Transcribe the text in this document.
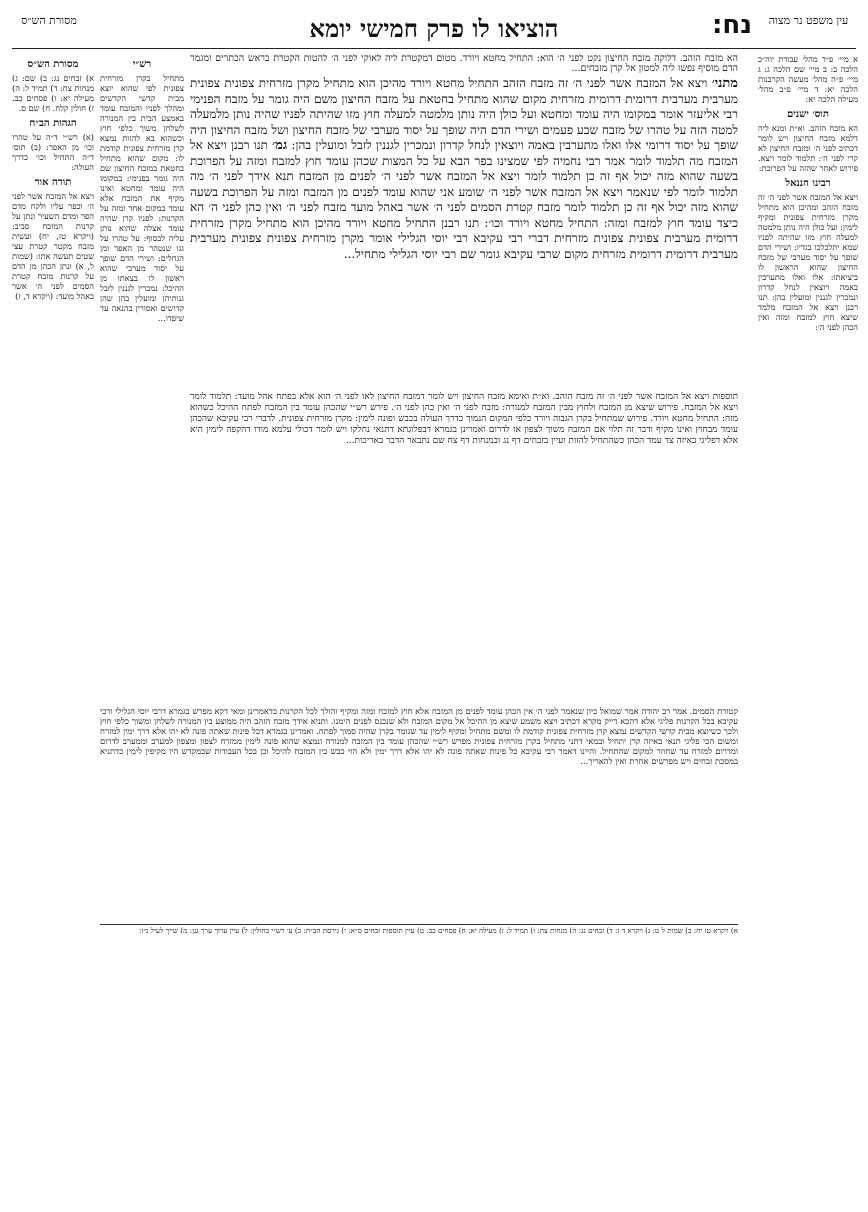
עין משפט נר מצוה
נח:
הוציאו לו פרק חמישי יומא
מסורת הש״ס
א מיי׳ פ״ד מהל׳ עבודת יוה״כ הלכה ב: ב מיי׳ שם הלכה ג: ג מיי׳ פ״ה מהל׳ מעשה הקרבנות הלכה יא: ד מיי׳ פ״ב מהל׳ מעילה הלכה יא:
תוס׳ ישנים
הא מזבח הזהב. וא״ת ומנא ליה דלמא מזבח החיצון ויש לומר דכתיב לפני ה׳ ומזבח החיצון לא קרי לפני ה׳: תלמוד לומר ויצא. פירוש לאחר שהזה על הפרוכת:
רבינו חננאל
ויצא אל המזבח אשר לפני ה׳ זה מזבח הזהב ומהיכן הוא מתחיל מקרן מזרחית צפונית ומקיף לימין: ועל כולן היה נותן מלמטה למעלה חוץ מזו שהיתה לפניו שמא יתלכלכו בגדיו: ושירי הדם שופך על יסוד מערבי של מזבח החיצון שהוא הראשון לו ביציאתו: אלו ואלו מתערבין באמה ויוצאין לנחל קדרון ונמכרין לגננין ומועלין בהן: תנו רבנן ויצא אל המזבח מלמד שיצא חוץ למזבח ומזה ואין הכהן לפני ה׳:
מסורת הש״ס
א) זבחים נג: ב) שם: ג) מנחות צח: ד) תמיד ל: ה) מעילה יא: ו) פסחים כב. ז) חולין קלח. ח) שם ס.
הגהות הב״ח
(א) רש״י ד״ה על טהרו וכו׳ מן האפר: (ב) תוס׳ ד״ה התחיל וכו׳ כדרך העולה:
תורה אור
ויצא אל המזבח אשר לפני ה׳ וכפר עליו ולקח מדם הפר ומדם השעיר ונתן על קרנות המזבח סביב: (ויקרא טז, יח) ועשית מזבח מקטר קטרת עצי שטים תעשה אתו: (שמות ל, א) ונתן הכהן מן הדם על קרנות מזבח קטרת הסמים לפני ה׳ אשר באהל מועד: (ויקרא ד, ז)
רש״י
מתחיל בקרן מזרחית צפונית לפי שהוא יוצא מבית קדשי הקדשים ומהלך לפניו והמזבח עומד באמצע הבית בין המנורה לשלחן משוך כלפי חוץ וכשהוא בא להזות נמצא קרן מזרחית צפונית קודמת לו: מקום שהוא מתחיל בחטאת במזבח החיצון שם היה גומר בפנימי: במקומו היה עומד ומחטא ואינו מקיף את המזבח אלא עומד במקום אחד ומזה על הקרנות: לפניו קרן שהיה עומד אצלה שהוא נותן עליה לבסוף: על טהרו על גגו שנטהר מן האפר ומן הגחלים: ושירי הדם שופך על יסוד מערבי שהוא ראשון לו בצאתו מן ההיכל: נמכרין לגננין לזבל גנותיהן ומועלין בהן שהן קדושים ואסורין בהנאה עד שיפדו...
הא מזבח הזהב. דלוקה מזבח החיצון נקט לפני ה׳ הוא: התחיל מחטא ויורד. מטום דמקטרת ליה לאוקי לפני ה׳ להטות הקטרת בראש הכתרים ומגמר הדם מוסיף נפשו ליה למטון אל קרן מזבחים...
מתני׳ ויצא אל המזבח אשר לפני ה׳ זה מזבח הזהב התחיל מחטא ויורד מהיכן הוא מתחיל מקרן מזרחית צפונית צפונית מערבית מערבית דרומית דרומית מזרחית מקום שהוא מתחיל בחטאת על מזבח החיצון משם היה גומר על מזבח הפנימי רבי אליעזר אומר במקומו היה עומד ומחטא ועל כולן היה נותן מלמטה למעלה חוץ מזו שהיתה לפניו שהיה נותן מלמעלה למטה הזה על טהרו של מזבח שבע פעמים ושירי הדם היה שופך על יסוד מערבי של מזבח החיצון ושל מזבח החיצון היה שופך על יסוד דרומי אלו ואלו מתערבין באמה ויוצאין לנחל קדרון ונמכרין לגננין לזבל ומועלין בהן: גמ׳ תנו רבנן ויצא אל המזבח מה תלמוד לומר אמר רבי נחמיה לפי שמצינו בפר הבא על כל המצות שכהן עומד חוץ למזבח ומזה על הפרוכת בשעה שהוא מזה יכול אף זה כן תלמוד לומר ויצא אל המזבח אשר לפני ה׳ לפנים מן המזבח תנא אידך לפני ה׳ מה תלמוד לומר לפי שנאמר ויצא אל המזבח אשר לפני ה׳ שומע אני שהוא עומד לפנים מן המזבח ומזה על הפרוכת בשעה שהוא מזה יכול אף זה כן תלמוד לומר מזבח קטרת הסמים לפני ה׳ אשר באהל מועד מזבח לפני ה׳ ואין כהן לפני ה׳ הא כיצד עומד חוץ למזבח ומזה: התחיל מחטא ויורד וכו׳: תנו רבנן התחיל מחטא ויורד מהיכן הוא מתחיל מקרן מזרחית דרומית מערבית צפונית צפונית מזרחית דברי רבי עקיבא רבי יוסי הגלילי אומר מקרן מזרחית צפונית צפונית מערבית מערבית דרומית דרומית מזרחית מקום שרבי עקיבא גומר שם רבי יוסי הגלילי מתחיל...
תוספות ויצא אל המזבח אשר לפני ה׳ זה מזבח הזהב. וא״ת ואימא מזבח החיצון ויש לומר דמזבח החיצון לאו לפני ה׳ הוא אלא בפתח אהל מועד: תלמוד לומר ויצא אל המזבח. פירוש שיצא מן המזבח ולחוץ מבין המזבח למנורה: מזבח לפני ה׳ ואין כהן לפני ה׳. פירש רש״י שהכהן עומד בין המזבח לפתח ההיכל כשהוא מזה: התחיל מחטא ויורד. פירוש שמתחיל בקרן הגבוה ויורד כלפי המקום הנמוך כדרך העולה בכבש ופונה לימין: מקרן מזרחית צפונית. לדברי רבי עקיבא שהכהן עומד מבחוץ ואינו מקיף ודבר זה תלוי אם המזבח משוך לצפון או לדרום ואמרינן בגמרא דבפלוגתא דתנאי נחלקו ויש לומר דכולי עלמא מודו דהקפה לימין היא אלא דפליגי באיזה צד עמד הכהן כשהתחיל להזות ועיין בזבחים דף נג ובמנחות דף צח שם נתבאר הדבר באריכות...
קטורת הסמים. אמר רב יהודה אמר שמואל כיון שנאמר לפני ה׳ אין הכהן עומד לפנים מן המזבח אלא חוץ למזבח ומזה ומקיף והולך לכל הקרנות כדאמרינן ומאי דקא מפרש בגמרא דרבי יוסי הגלילי ורבי עקיבא בכל הקרנות פליגי אלא דהכא דייק מקרא דכתיב ויצא משמע שיצא מן ההיכל אל מקום המזבח ולא שנכנס לפנים הימנו. ותניא אידך מזבח הזהב היה ממוצע בין המנורה לשלחן ומשוך כלפי חוץ ולכך כשיוצא מבית קדשי הקדשים נמצא קרן מזרחית צפונית קודמת לו ומשם מתחיל ומקיף לימין עד שגומר בקרן שהיה סמוך לפתח. ואמרינן בגמרא דכל פינות שאתה פונה לא יהו אלא דרך ימין למזרח ומשום הכי פליגי תנאי באיזה קרן יתחיל ובמאי דתני מתחיל בקרן מזרחית צפונית מפרש רש״י שהכהן עומד בין המזבח למנורה ונמצא שהוא פונה לימין ממזרח לצפון ומצפון למערב וממערב לדרום ומדרום למזרח עד שחוזר למקום שהתחיל. והיינו דאמר רבי עקיבא כל פינות שאתה פונה לא יהו אלא דרך ימין ולא הוי כבש בין המזבח להיכל וכן בכל העבודות שבמקדש היו מקיפין לימין כדתניא במסכת זבחים ויש מפרשים אחרת ואין להאריך...
א) ויקרא טז יח: ב) שמות ל ט: ג) ויקרא ד ז: ד) זבחים נג: ה) מנחות צח: ו) תמיד ל: ז) מעילה יא: ח) פסחים כב. ט) עיין תוספות זבחים ס״א: י) גירסת הב״ח: כ) ע׳ רש״י בחולין: ל) עיין ערוך ערך גנן: מ) שייך לעיל נ״ז:
